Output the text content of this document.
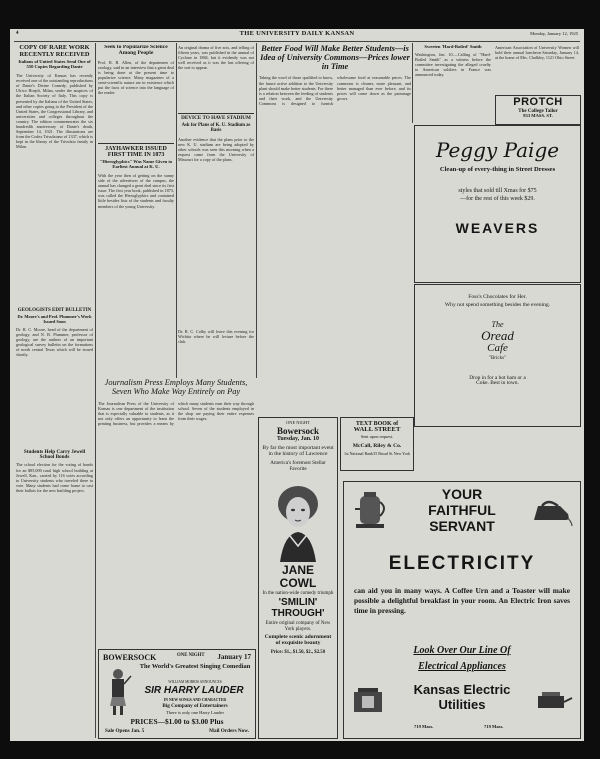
4	THE UNIVERSITY DAILY KANSAN	Monday, January 12, 1925
COPY OF RARE WORK RECENTLY RECEIVED
Italians of United States Send One of 550 Copies Regarding Dante
The University of Kansas has recently received one of the outstanding reproductions of Dante's Divine Comedy, published by Ulrico Hoepli, Milan, under the auspices of the Italian Society of Italy. This copy is presented by the Italians of the United States, and other copies going to the President of the United States, the Congressional Library, and universities and colleges throughout the country. The edition commemorates the six hundredth anniversary of Dante's death, September 14, 1921. The illustrations are from the Codex Trivulziano of 1337, which is kept in the library of the Trivulzio family in Milan.
GEOLOGISTS EDIT BULLETIN
Dr. Moore's and Prof. Plummer's Work Issued Soon
Dr. R. C. Moore, head of the department of geology, and N. B. Plummer, professor of geology, are the authors of an important geological survey bulletin on the formations of north central Texas which will be issued shortly.
Students Help Carry Jewell School Bonds
The school election for the voting of bonds for an $85,000 rural high school building at Jewell, Kan., carried by 116 votes according to University students who traveled there to vote. Many students had come home to cast their ballots for the new building project.
Seek to Popularize Science Among People
Prof. R. B. Allen, of the department of zoology, said in an interview that a great deal is being done at the present time to popularize science. Many magazines of a semi-scientific nature are in existence which put the facts of science into the language of the reader.
JAYHAWKER ISSUED FIRST TIME IN 1873
"Hieroglyphics" Was Name Given to Earliest Annual at K. U.
With the year then of getting on the sunny side of the advertisers of the campus, the annual has changed a great deal since its first issue. The first year book, published in 1873, was called the Hieroglyphics and contained little besides lists of the students and faculty members of the young University.
An original drama of five acts, and telling of fifteen years, was published in the annual of Cyclone in 1884, but it evidently was not well received as it was the last offering of the sort to appear.
DEVICE TO HAVE STADIUM
Ask for Plans of K. U. Stadium as Basis
Another evidence that the plans prior to the new K. U. stadium are being adopted by other schools was seen this morning when a request came from the University of Missouri for a copy of the plans.
Dr. R. C. Colby will leave this evening for Wichita where he will lecture before the club.
Better Food Will Make Better Students—is Idea of University Commons—Prices lower in Time
Taking the word of those qualified to know, the future active addition to the University plant should make better students. For there is a relation between the feeding of students and their work, and the University Commons is designed to furnish wholesome food at reasonable prices. The commons is cleaner, more pleasant, and better managed than ever before, and its prices will come down as the patronage grows.
Sweeten 'Hard-Boiled' Smith
Washington, Jan. 10.—Calling of "Hard-Boiled Smith" as a witness before the committee investigating the alleged cruelty to American soldiers in France was announced today.
American Association of University Women will hold their annual luncheon Saturday, January 14, at the home of Mrs. Chalkley, 1121 Ohio Street.
PROTCH
The College Tailor
833 MASS. ST.
Peggy Paige
Clean-up of every-thing in Street Dresses
styles that sold till Xmas for $75
—for the rest of this week $29.
WEAVERS
Foss's Chocolates for Her.
Why not spend something besides the evening.
The
Oread
Cafe
"Bricks"
Drop in for a hot ham or a
Coke. Best in town.
Journalism Press Employs Many Students, Seven Who Make Way Entirely on Pay
The Journalism Press of the University of Kansas is one department of the institution that is especially valuable to students, as it not only offers an opportunity to learn the printing business, but provides a means by which many students earn their way through school. Seven of the students employed in the shop are paying their entire expenses from their wages.
ONE NIGHT
Bowersock
Tuesday, Jan. 10
By far the most important event in the history of Lawrence
America's foremost Stellar Favorite
JANE
COWL
In the nation-wide comedy triumph
'SMILIN'
THROUGH'
Entire original company of New York players.
Complete scenic adornment of exquisite beauty
Price: $1., $1.50, $2., $2.50
TEXT BOOK of
WALL STREET
Sent upon request.
McCall, Riley & Co.
1st National Bank 55 Broad St. New York
YOUR
FAITHFUL
SERVANT
ELECTRICITY
can aid you in many ways. A Coffee Urn and a Toaster will make possible a delightful breakfast in your room. An Electric Iron saves time in pressing.
Look Over Our Line Of
Electrical Appliances
Kansas Electric
Utilities
719 Mass.	719 Mass.
BOWERSOCK	ONE NIGHT January 17
The World's Greatest Singing Comedian
WILLIAM MORRIS ANNOUNCES
SIR HARRY LAUDER
IN NEW SONGS AND CHARACTER
Big Company of Entertainers
There is only one Harry Lauder
PRICES—$1.00 to $3.00 Plus
Sale Opens Jan. 5	Mail Orders Now.
